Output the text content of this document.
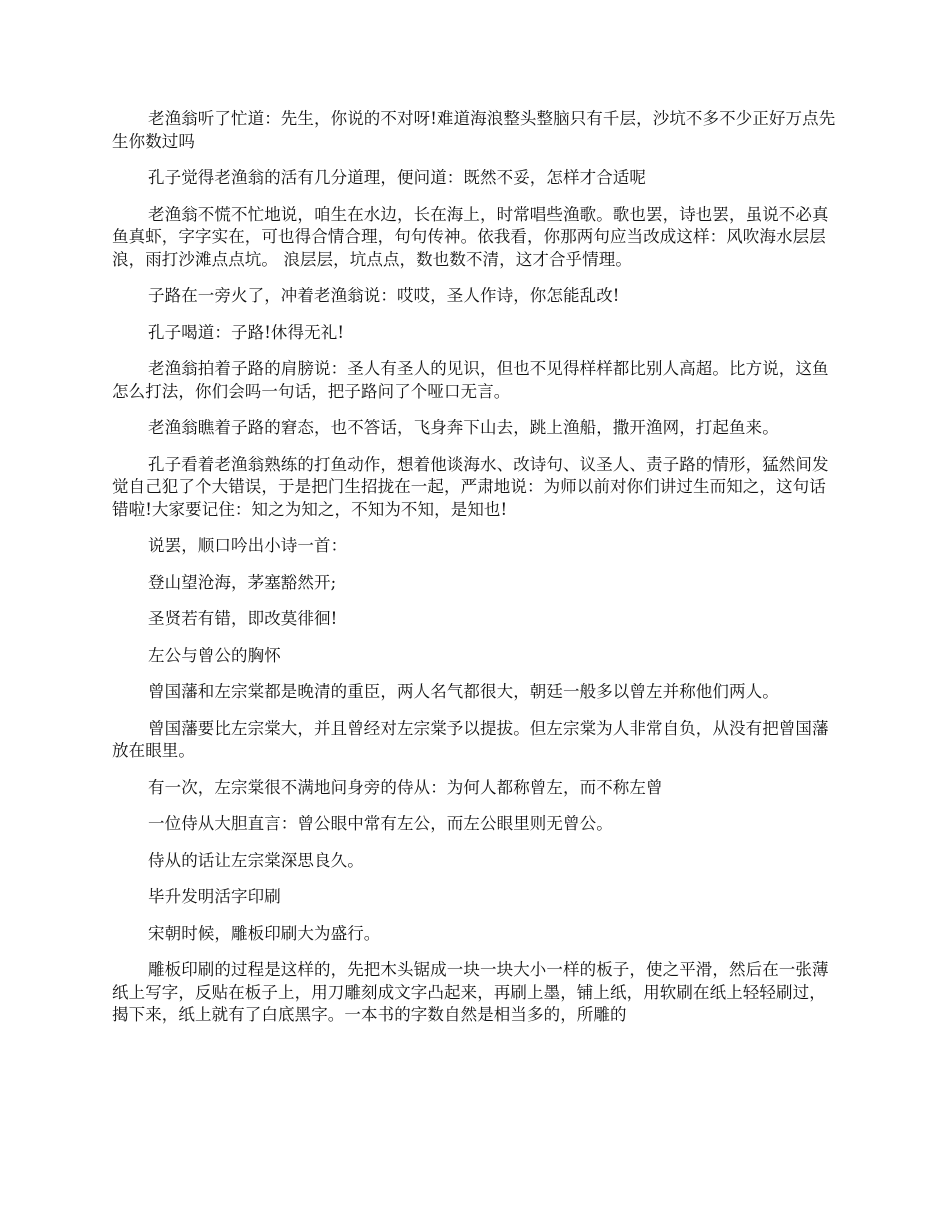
老渔翁听了忙道：先生，你说的不对呀!难道海浪整头整脑只有千层，沙坑不多不少正好万点先生你数过吗

孔子觉得老渔翁的活有几分道理，便问道：既然不妥，怎样才合适呢

老渔翁不慌不忙地说，咱生在水边，长在海上，时常唱些渔歌。歌也罢，诗也罢，虽说不必真鱼真虾，字字实在，可也得合情合理，句句传神。依我看，你那两句应当改成这样：风吹海水层层浪，雨打沙滩点点坑。 浪层层，坑点点，数也数不清，这才合乎情理。

子路在一旁火了，冲着老渔翁说：哎哎，圣人作诗，你怎能乱改!

孔子喝道：子路!休得无礼!

老渔翁拍着子路的肩膀说：圣人有圣人的见识，但也不见得样样都比别人高超。比方说，这鱼怎么打法，你们会吗一句话，把子路问了个哑口无言。

老渔翁瞧着子路的窘态，也不答话，飞身奔下山去，跳上渔船，撒开渔网，打起鱼来。

孔子看着老渔翁熟练的打鱼动作，想着他谈海水、改诗句、议圣人、责子路的情形，猛然间发觉自己犯了个大错误，于是把门生招拢在一起，严肃地说：为师以前对你们讲过生而知之，这句话错啦!大家要记住：知之为知之，不知为不知，是知也!

说罢，顺口吟出小诗一首：

登山望沧海，茅塞豁然开;

圣贤若有错，即改莫徘徊!

左公与曾公的胸怀

曾国藩和左宗棠都是晚清的重臣，两人名气都很大，朝廷一般多以曾左并称他们两人。

曾国藩要比左宗棠大，并且曾经对左宗棠予以提拔。但左宗棠为人非常自负，从没有把曾国藩放在眼里。

有一次，左宗棠很不满地问身旁的侍从：为何人都称曾左，而不称左曾

一位侍从大胆直言：曾公眼中常有左公，而左公眼里则无曾公。

侍从的话让左宗棠深思良久。

毕升发明活字印刷

宋朝时候，雕板印刷大为盛行。

雕板印刷的过程是这样的，先把木头锯成一块一块大小一样的板子，使之平滑，然后在一张薄纸上写字，反贴在板子上，用刀雕刻成文字凸起来，再刷上墨，铺上纸，用软刷在纸上轻轻刷过，揭下来，纸上就有了白底黑字。一本书的字数自然是相当多的，所雕的
